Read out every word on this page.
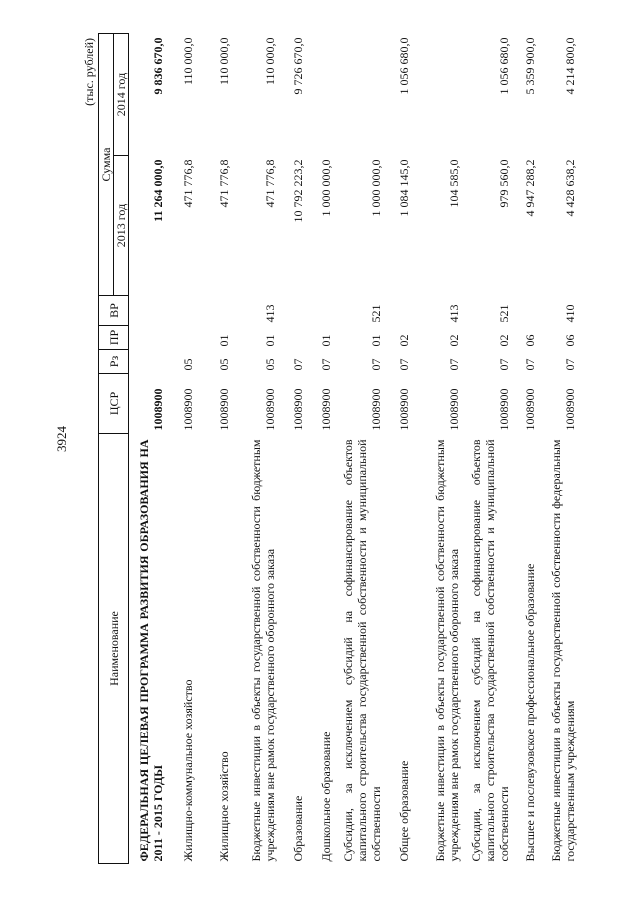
3924
(тыс. рублей)
Наименование	ЦСР	Рз	ПР	ВР	Сумма	
					2013 год	2014 год
ФЕДЕРАЛЬНАЯ ЦЕЛЕВАЯ ПРОГРАММА РАЗВИТИЯ ОБРАЗОВАНИЯ НА 2011 - 2015 ГОДЫ	1008900				11 264 000,0	9 836 670,0
Жилищно-коммунальное хозяйство	1008900	05			471 776,8	110 000,0
Жилищное хозяйство	1008900	05	01		471 776,8	110 000,0
Бюджетные инвестиции в объекты государственной собственности бюджетным учреждениям вне рамок государственного оборонного заказа	1008900	05	01	413	471 776,8	110 000,0
Образование	1008900	07			10 792 223,2	9 726 670,0
Дошкольное образование	1008900	07	01		1 000 000,0	
Субсидии, за исключением субсидий на софинансирование объектов капитального строительства государственной собственности и муниципальной собственности	1008900	07	01	521	1 000 000,0	
Общее образование	1008900	07	02		1 084 145,0	1 056 680,0
Бюджетные инвестиции в объекты государственной собственности бюджетным учреждениям вне рамок государственного оборонного заказа	1008900	07	02	413	104 585,0	
Субсидии, за исключением субсидий на софинансирование объектов капитального строительства государственной собственности и муниципальной собственности	1008900	07	02	521	979 560,0	1 056 680,0
Высшее и послевузовское профессиональное образование	1008900	07	06		4 947 288,2	5 359 900,0
Бюджетные инвестиции в объекты государственной собственности федеральным государственным учреждениям	1008900	07	06	410	4 428 638,2	4 214 800,0
